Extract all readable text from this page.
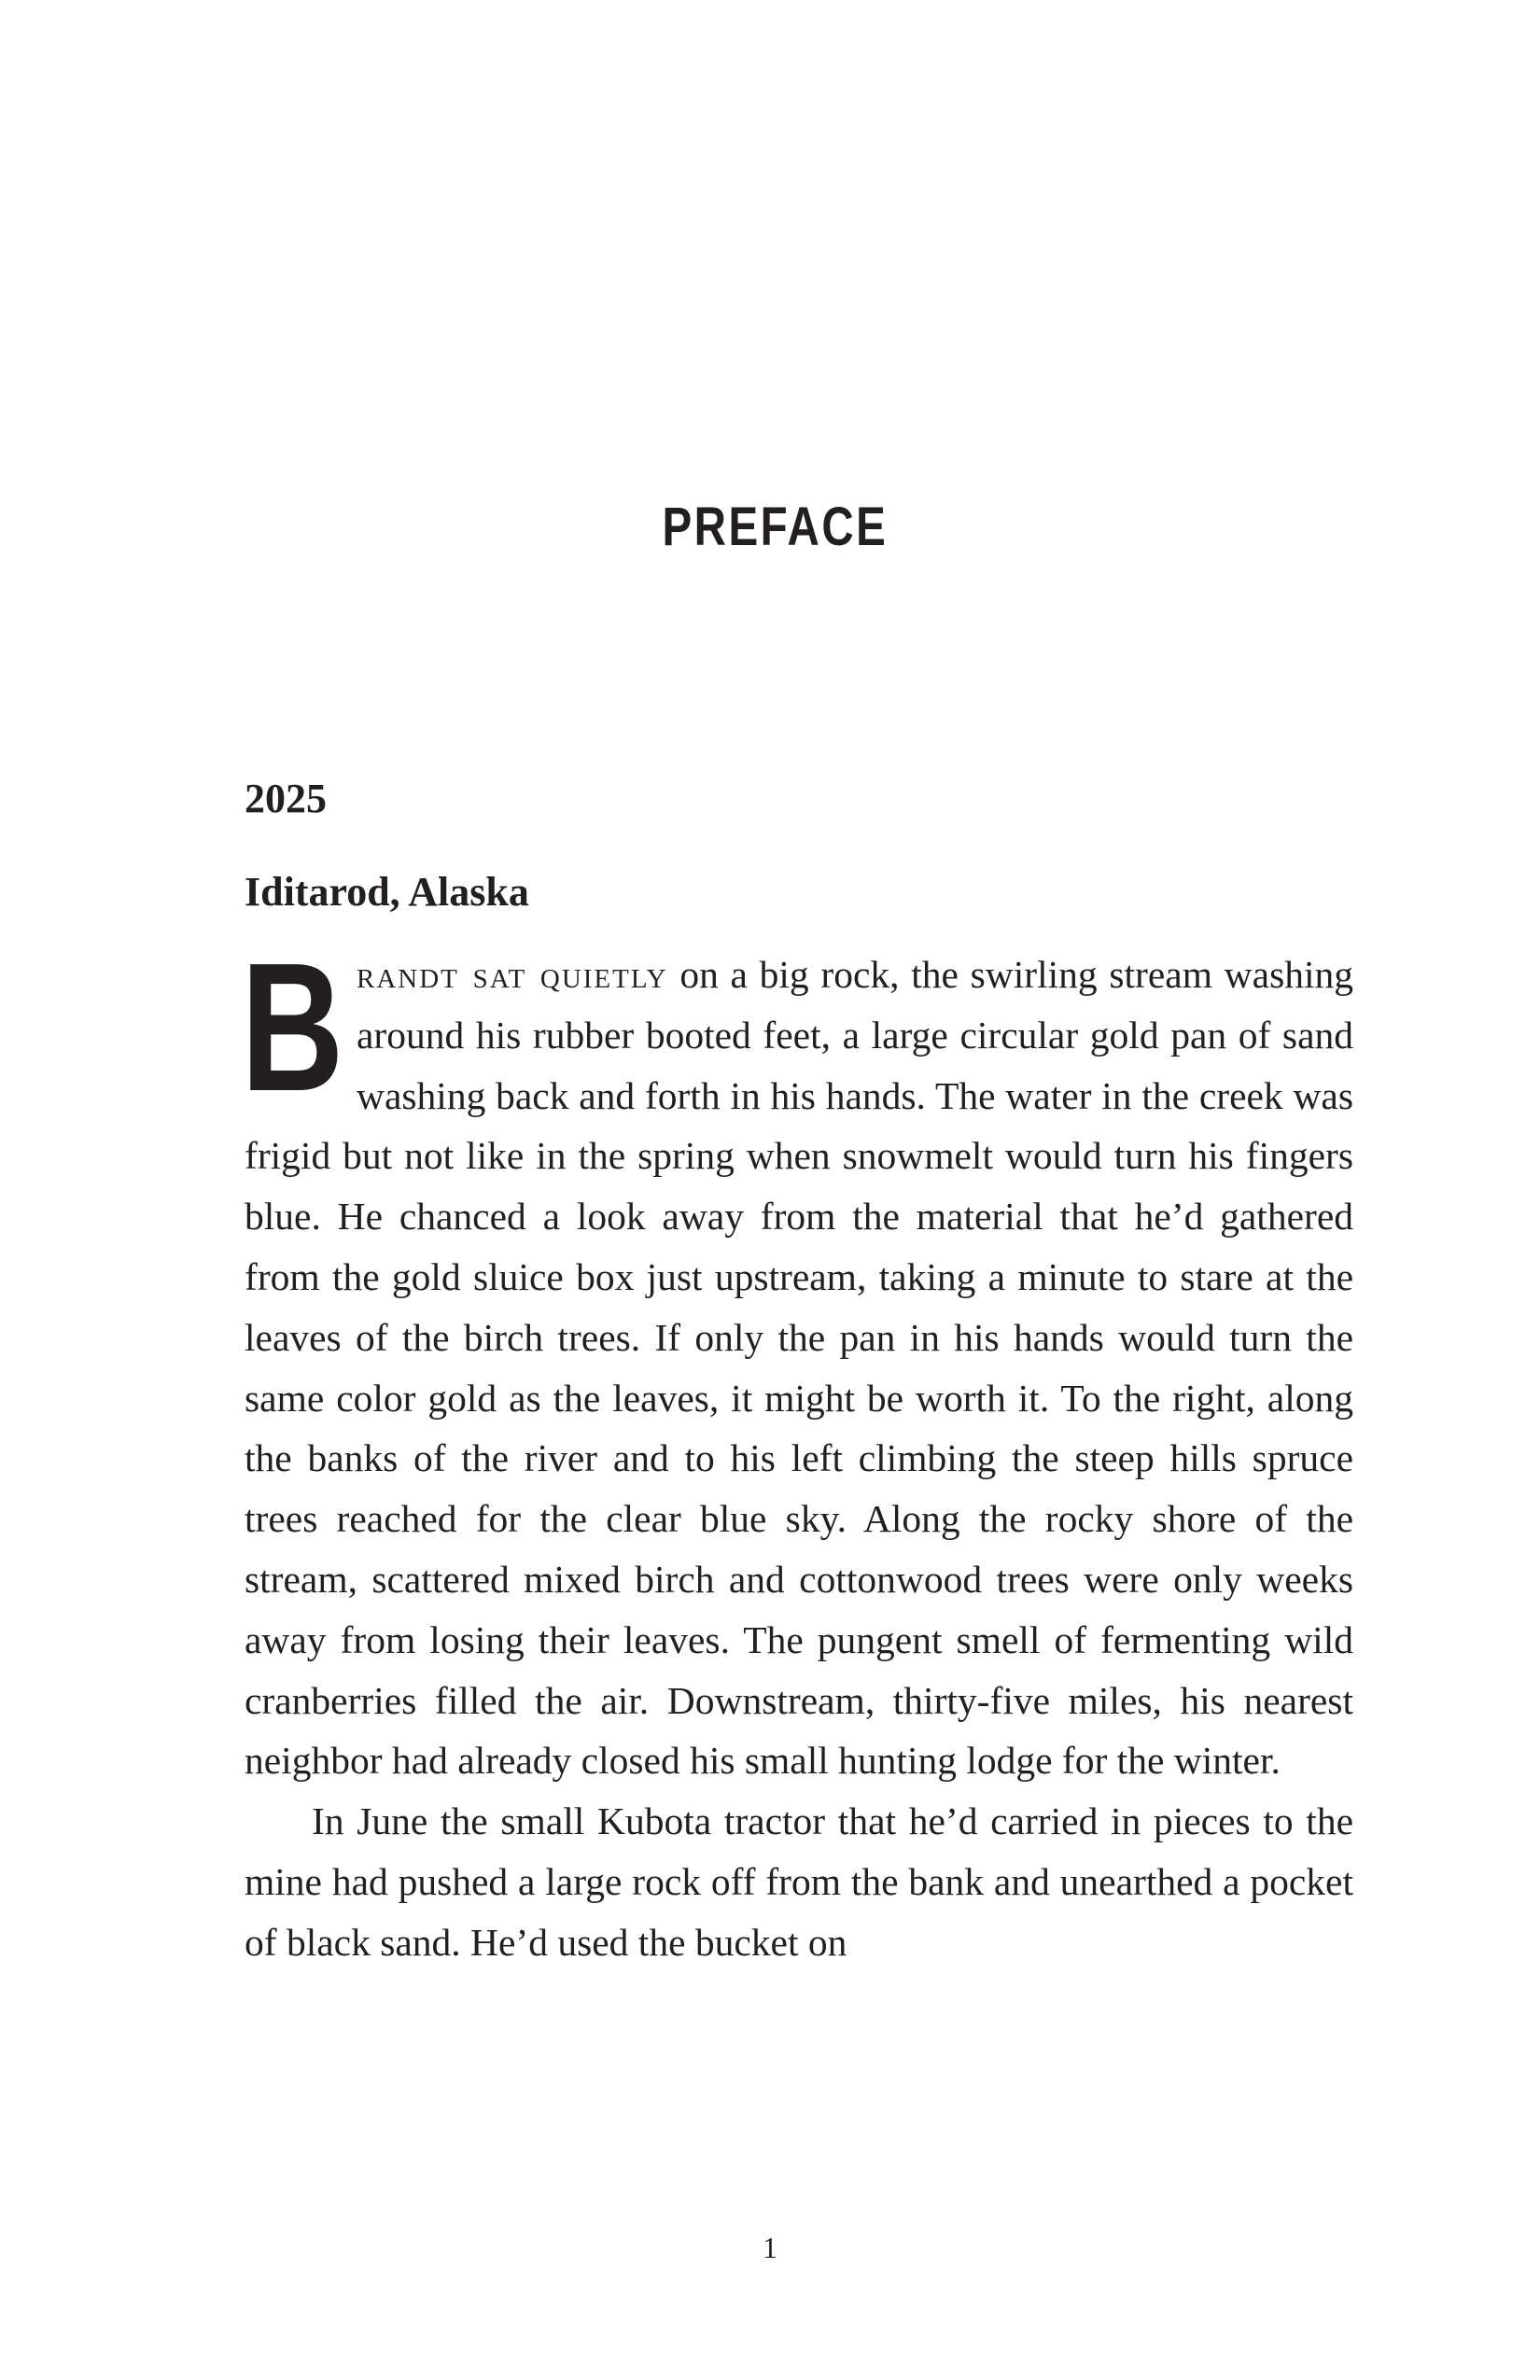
PREFACE
2025
Iditarod, Alaska

Brandt sat quietly on a big rock, the swirling stream washing around his rubber booted feet, a large circular gold pan of sand washing back and forth in his hands. The water in the creek was frigid but not like in the spring when snowmelt would turn his fingers blue. He chanced a look away from the material that he’d gathered from the gold sluice box just upstream, taking a minute to stare at the leaves of the birch trees. If only the pan in his hands would turn the same color gold as the leaves, it might be worth it. To the right, along the banks of the river and to his left climbing the steep hills spruce trees reached for the clear blue sky. Along the rocky shore of the stream, scattered mixed birch and cottonwood trees were only weeks away from losing their leaves. The pungent smell of fermenting wild cranberries filled the air. Downstream, thirty-five miles, his nearest neighbor had already closed his small hunting lodge for the winter.

In June the small Kubota tractor that he’d carried in pieces to the mine had pushed a large rock off from the bank and unearthed a pocket of black sand. He’d used the bucket on

1
